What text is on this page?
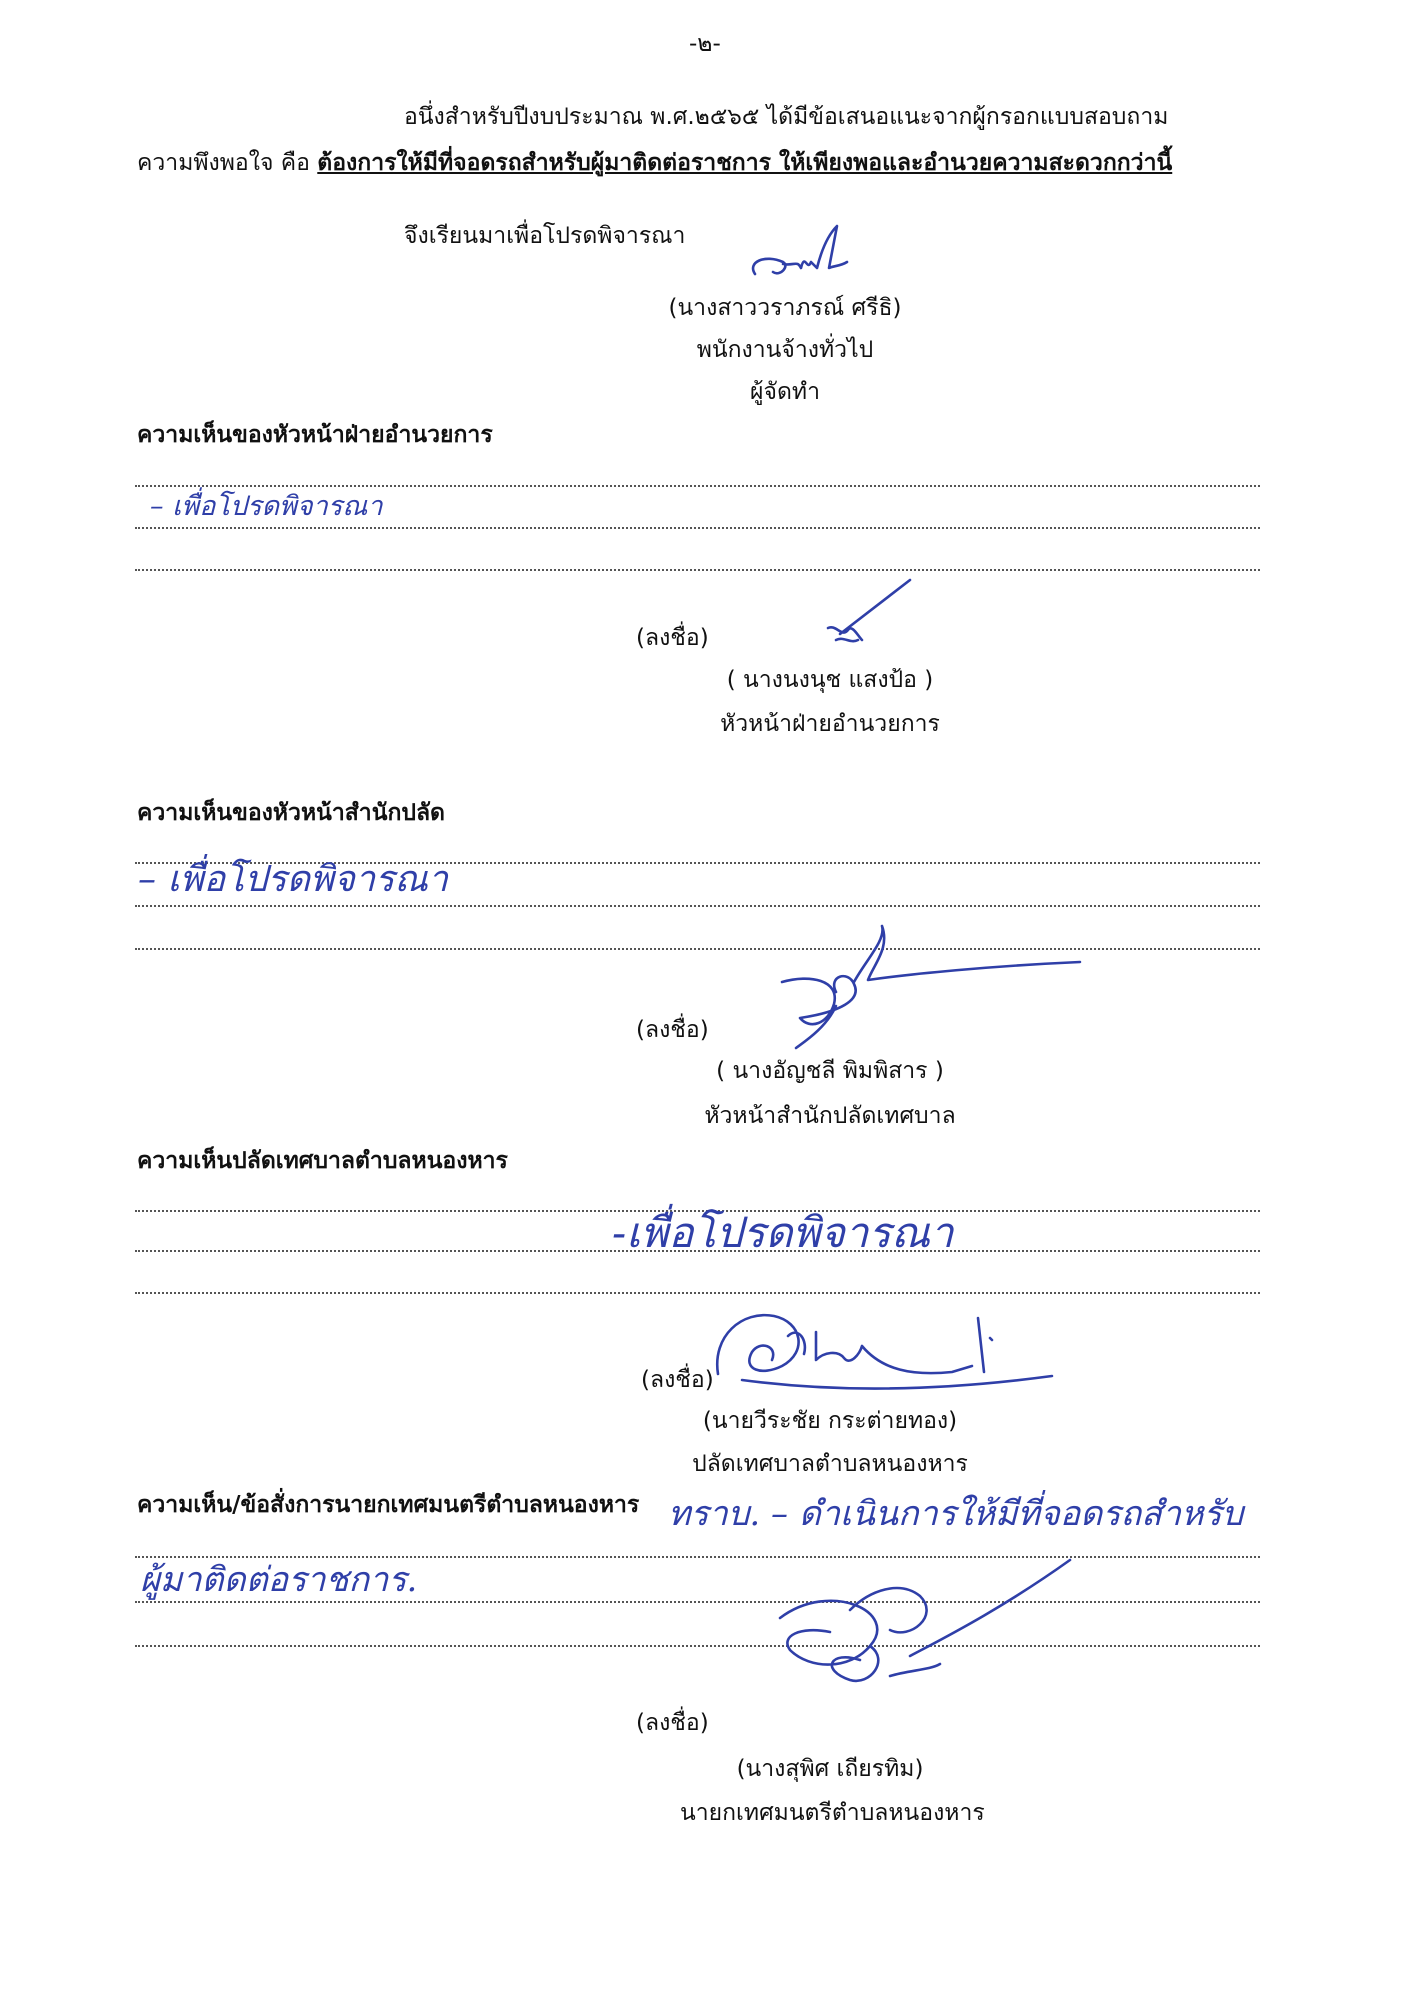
-๒-
อนึ่งสำหรับปีงบประมาณ พ.ศ.๒๕๖๕ ได้มีข้อเสนอแนะจากผู้กรอกแบบสอบถาม
ความพึงพอใจ คือ ต้องการให้มีที่จอดรถสำหรับผู้มาติดต่อราชการ ให้เพียงพอและอำนวยความสะดวกกว่านี้
จึงเรียนมาเพื่อโปรดพิจารณา
(นางสาววราภรณ์ ศรีธิ)
พนักงานจ้างทั่วไป
ผู้จัดทำ
ความเห็นของหัวหน้าฝ่ายอำนวยการ
– เพื่อโปรดพิจารณา
(ลงชื่อ)
( นางนงนุช แสงป้อ )
หัวหน้าฝ่ายอำนวยการ
ความเห็นของหัวหน้าสำนักปลัด
– เพื่อโปรดพิจารณา
(ลงชื่อ)
( นางอัญชลี พิมพิสาร )
หัวหน้าสำนักปลัดเทศบาล
ความเห็นปลัดเทศบาลตำบลหนองหาร
-เพื่อโปรดพิจารณา
(ลงชื่อ)
(นายวีระชัย กระต่ายทอง)
ปลัดเทศบาลตำบลหนองหาร
ความเห็น/ข้อสั่งการนายกเทศมนตรีตำบลหนองหาร ทราบ. – ดำเนินการให้มีที่จอดรถสำหรับ
ผู้มาติดต่อราชการ.
(ลงชื่อ)
(นางสุพิศ เถียรทิม)
นายกเทศมนตรีตำบลหนองหาร
